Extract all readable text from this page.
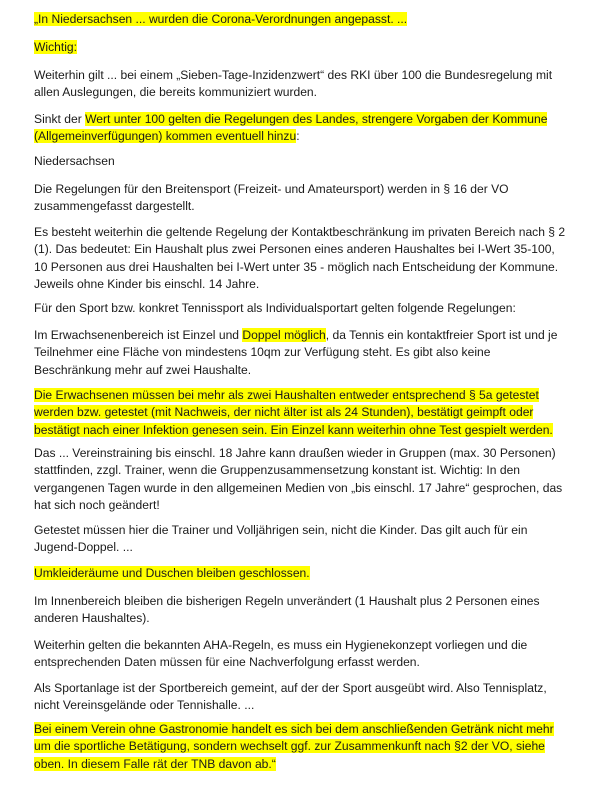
„In Niedersachsen ... wurden die Corona-Verordnungen angepasst. ...

Wichtig:

Weiterhin gilt ... bei einem „Sieben-Tage-Inzidenzwert“ des RKI über 100 die Bundesregelung mit allen Auslegungen, die bereits kommuniziert wurden.

Sinkt der Wert unter 100 gelten die Regelungen des Landes, strengere Vorgaben der Kommune (Allgemeinverfügungen) kommen eventuell hinzu:

Niedersachsen

Die Regelungen für den Breitensport (Freizeit- und Amateursport) werden in § 16 der VO zusammengefasst dargestellt.

Es besteht weiterhin die geltende Regelung der Kontaktbeschränkung im privaten Bereich nach § 2 (1). Das bedeutet: Ein Haushalt plus zwei Personen eines anderen Haushaltes bei I-Wert 35-100, 10 Personen aus drei Haushalten bei I-Wert unter 35 - möglich nach Entscheidung der Kommune. Jeweils ohne Kinder bis einschl. 14 Jahre.

Für den Sport bzw. konkret Tennissport als Individualsportart gelten folgende Regelungen:

Im Erwachsenenbereich ist Einzel und Doppel möglich, da Tennis ein kontaktfreier Sport ist und je Teilnehmer eine Fläche von mindestens 10qm zur Verfügung steht. Es gibt also keine Beschränkung mehr auf zwei Haushalte.

Die Erwachsenen müssen bei mehr als zwei Haushalten entweder entsprechend § 5a getestet werden bzw. getestet (mit Nachweis, der nicht älter ist als 24 Stunden), bestätigt geimpft oder bestätigt nach einer Infektion genesen sein. Ein Einzel kann weiterhin ohne Test gespielt werden.

Das ... Vereinstraining bis einschl. 18 Jahre kann draußen wieder in Gruppen (max. 30 Personen) stattfinden, zzgl. Trainer, wenn die Gruppenzusammensetzung konstant ist. Wichtig: In den vergangenen Tagen wurde in den allgemeinen Medien von „bis einschl. 17 Jahre“ gesprochen, das hat sich noch geändert!

Getestet müssen hier die Trainer und Volljährigen sein, nicht die Kinder. Das gilt auch für ein Jugend-Doppel. ...

Umkleideräume und Duschen bleiben geschlossen.

Im Innenbereich bleiben die bisherigen Regeln unverändert (1 Haushalt plus 2 Personen eines anderen Haushaltes).

Weiterhin gelten die bekannten AHA-Regeln, es muss ein Hygienekonzept vorliegen und die entsprechenden Daten müssen für eine Nachverfolgung erfasst werden.

Als Sportanlage ist der Sportbereich gemeint, auf der der Sport ausgeübt wird. Also Tennisplatz, nicht Vereinsgelände oder Tennishalle. ...

Bei einem Verein ohne Gastronomie handelt es sich bei dem anschließenden Getränk nicht mehr um die sportliche Betätigung, sondern wechselt ggf. zur Zusammenkunft nach §2 der VO, siehe oben. In diesem Falle rät der TNB davon ab.“
